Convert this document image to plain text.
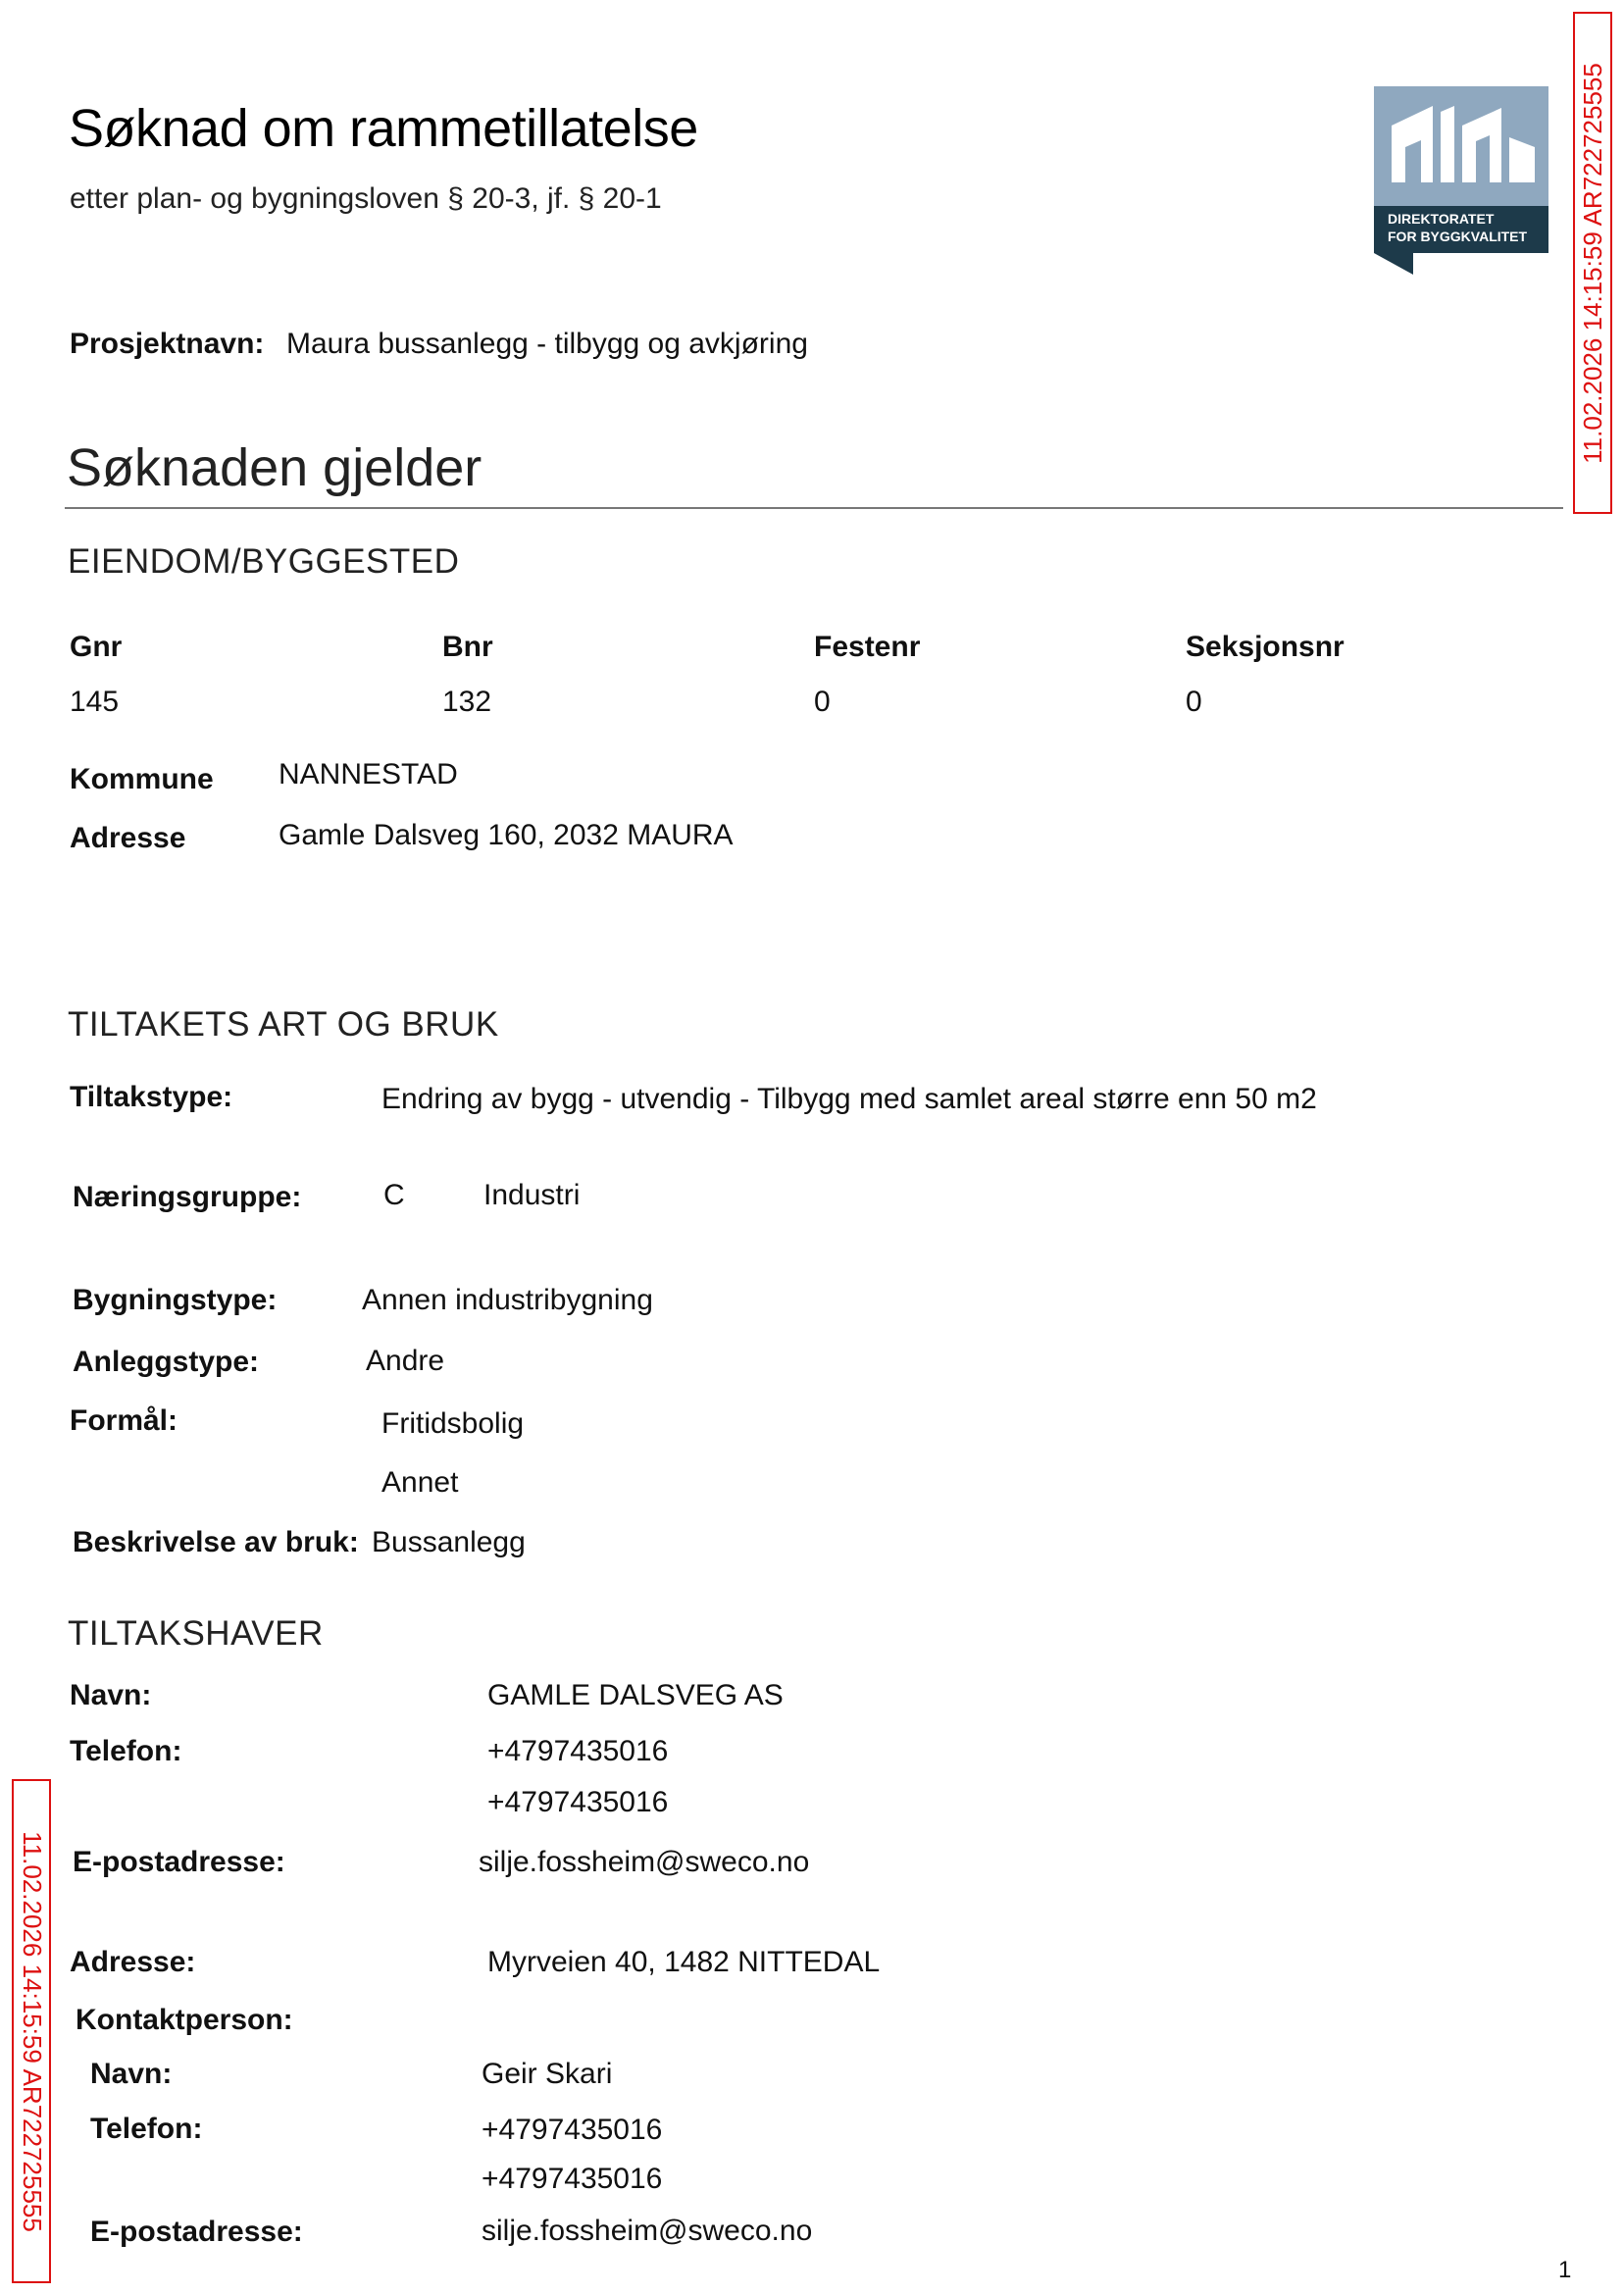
Søknad om rammetillatelse
etter plan- og bygningsloven § 20-3, jf. § 20-1
DIREKTORATET
FOR BYGGKVALITET 11.02.2026 14:15:59 AR722725555
11.02.2026 14:15:59 AR722725555
Prosjektnavn: Maura bussanlegg - tilbygg og avkjøring
Søknaden gjelder
EIENDOM/BYGGESTED
Gnr	Bnr	Festenr	Seksjonsnr
145	132	0	0
Kommune NANNESTAD
Adresse	Gamle Dalsveg 160, 2032 MAURA
TILTAKETS ART OG BRUK
Tiltakstype:	Endring av bygg - utvendig - Tilbygg med samlet areal større enn 50 m2
Næringsgruppe:	C	Industri
Bygningstype:	Annen industribygning
Anleggstype:	Andre
Formål:	Fritidsbolig
Annet
Beskrivelse av bruk: Bussanlegg
TILTAKSHAVER
Navn:	GAMLE DALSVEG AS
Telefon:	+4797435016
+4797435016
E-postadresse:	silje.fossheim@sweco.no
Adresse:	Myrveien 40, 1482 NITTEDAL
Kontaktperson:
Navn:	Geir Skari
Telefon:	+4797435016
+4797435016
E-postadresse:	silje.fossheim@sweco.no
1
